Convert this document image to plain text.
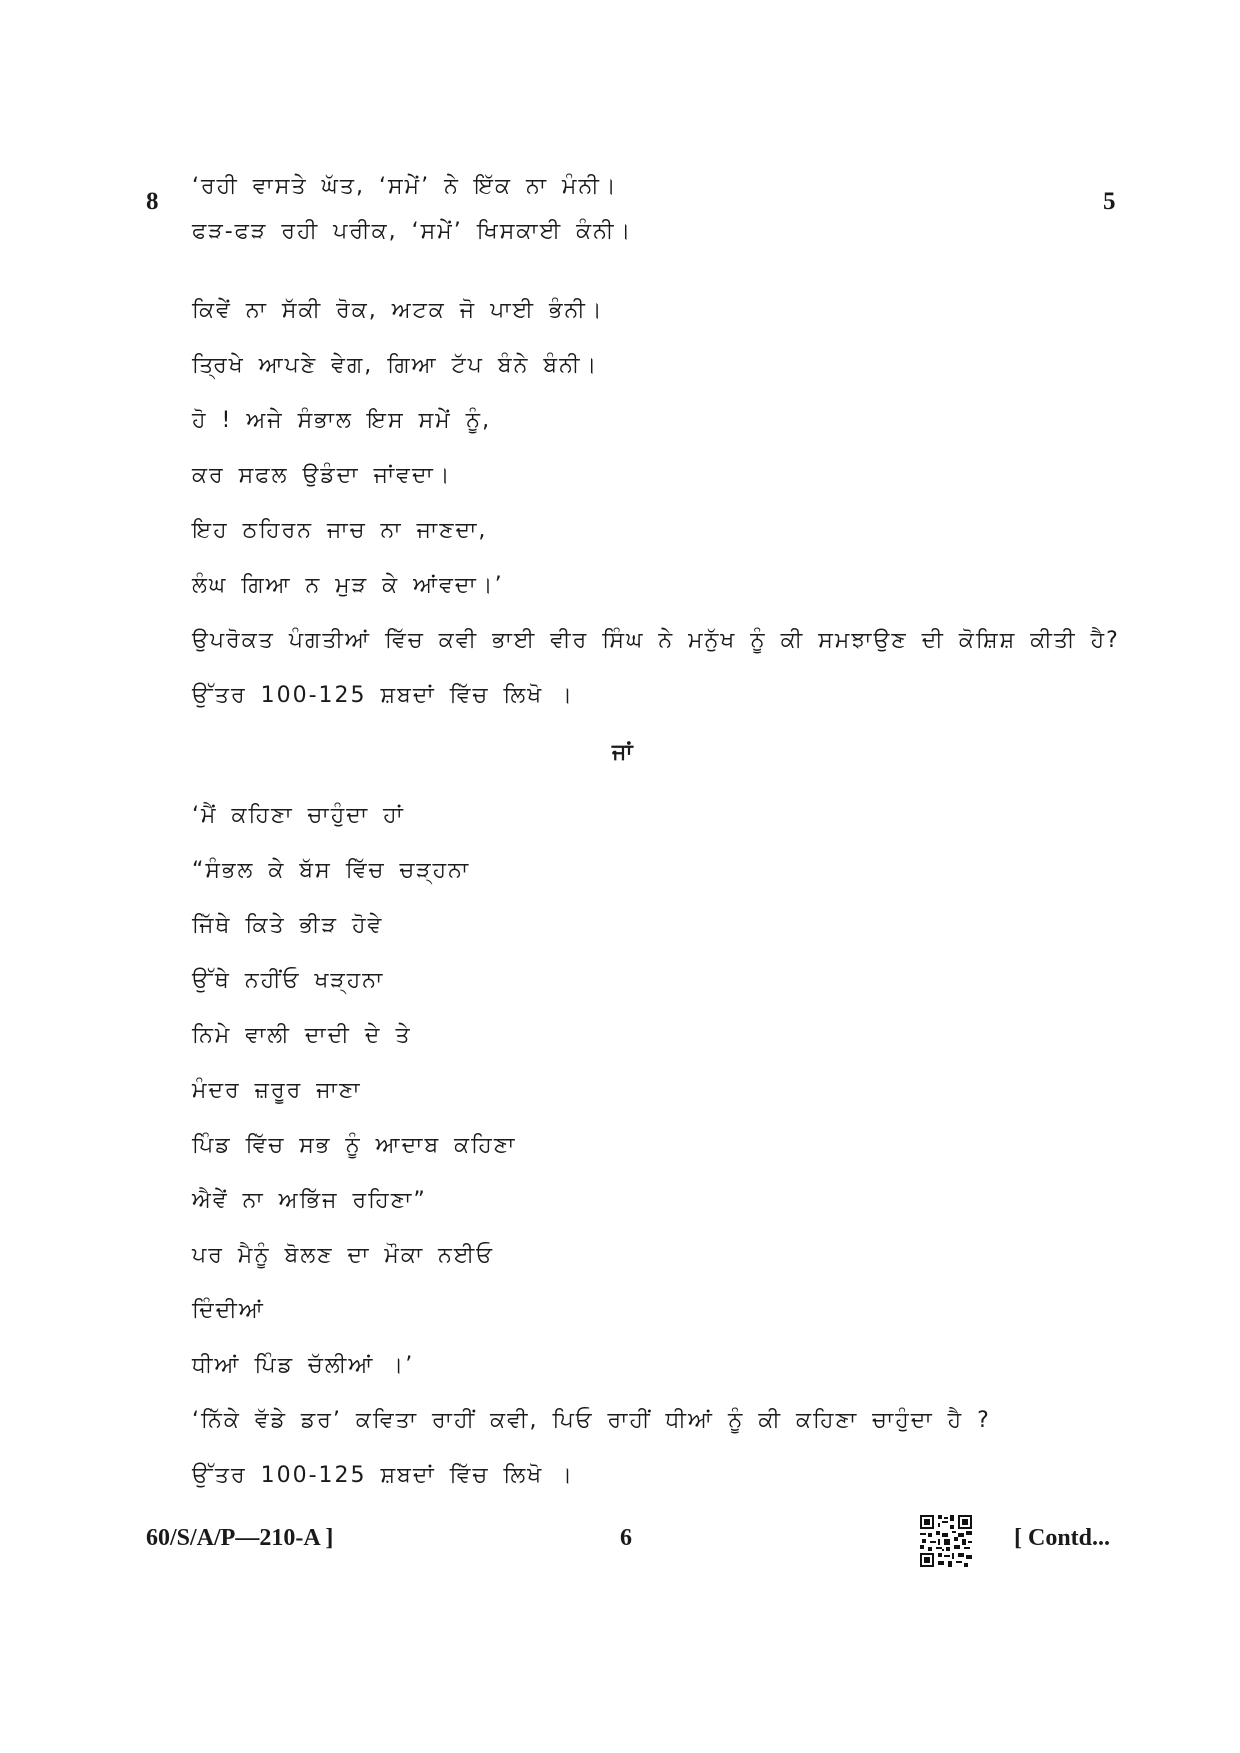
8	5
‘ਰਹੀ ਵਾਸਤੇ ਘੱਤ, ‘ਸਮੇਂ’ ਨੇ ਇੱਕ ਨਾ ਮੰਨੀ।
ਫੜ-ਫੜ ਰਹੀ ਪਰੀਕ, ‘ਸਮੇਂ’ ਖਿਸਕਾਈ ਕੰਨੀ।
ਕਿਵੇਂ ਨਾ ਸੱਕੀ ਰੋਕ, ਅਟਕ ਜੋ ਪਾਈ ਭੰਨੀ।
ਤ੍ਰਿਖੇ ਆਪਣੇ ਵੇਗ, ਗਿਆ ਟੱਪ ਬੰਨੇ ਬੰਨੀ।
ਹੋ ! ਅਜੇ ਸੰਭਾਲ ਇਸ ਸਮੇਂ ਨੂੰ,
ਕਰ ਸਫਲ ਉਡੰਦਾ ਜਾਂਵਦਾ।
ਇਹ ਠਹਿਰਨ ਜਾਚ ਨਾ ਜਾਣਦਾ,
ਲੰਘ ਗਿਆ ਨ ਮੁੜ ਕੇ ਆਂਵਦਾ।’
ਉਪਰੋਕਤ ਪੰਗਤੀਆਂ ਵਿੱਚ ਕਵੀ ਭਾਈ ਵੀਰ ਸਿੰਘ ਨੇ ਮਨੁੱਖ ਨੂੰ ਕੀ ਸਮਝਾਉਣ ਦੀ ਕੋਸ਼ਿਸ਼ ਕੀਤੀ ਹੈ?
ਉੱਤਰ 100-125 ਸ਼ਬਦਾਂ ਵਿੱਚ ਲਿਖੋ ।
ਜਾਂ
‘ਮੈਂ ਕਹਿਣਾ ਚਾਹੁੰਦਾ ਹਾਂ
“ਸੰਭਲ ਕੇ ਬੱਸ ਵਿੱਚ ਚੜ੍ਹਨਾ
ਜਿੱਥੇ ਕਿਤੇ ਭੀੜ ਹੋਵੇ
ਉੱਥੇ ਨਹੀਂਓ ਖੜ੍ਹਨਾ
ਨਿਮੇ ਵਾਲੀ ਦਾਦੀ ਦੇ ਤੇ
ਮੰਦਰ ਜ਼ਰੂਰ ਜਾਣਾ
ਪਿੰਡ ਵਿੱਚ ਸਭ ਨੂੰ ਆਦਾਬ ਕਹਿਣਾ
ਐਵੇਂ ਨਾ ਅਭਿੱਜ ਰਹਿਣਾ”
ਪਰ ਮੈਨੂੰ ਬੋਲਣ ਦਾ ਮੌਕਾ ਨਈਓ
ਦਿੰਦੀਆਂ
ਧੀਆਂ ਪਿੰਡ ਚੱਲੀਆਂ ।’
‘ਨਿੱਕੇ ਵੱਡੇ ਡਰ’ ਕਵਿਤਾ ਰਾਹੀਂ ਕਵੀ, ਪਿਓ ਰਾਹੀਂ ਧੀਆਂ ਨੂੰ ਕੀ ਕਹਿਣਾ ਚਾਹੁੰਦਾ ਹੈ ?
ਉੱਤਰ 100-125 ਸ਼ਬਦਾਂ ਵਿੱਚ ਲਿਖੋ ।
60/S/A/P—210-A ]	6	[ Contd...
